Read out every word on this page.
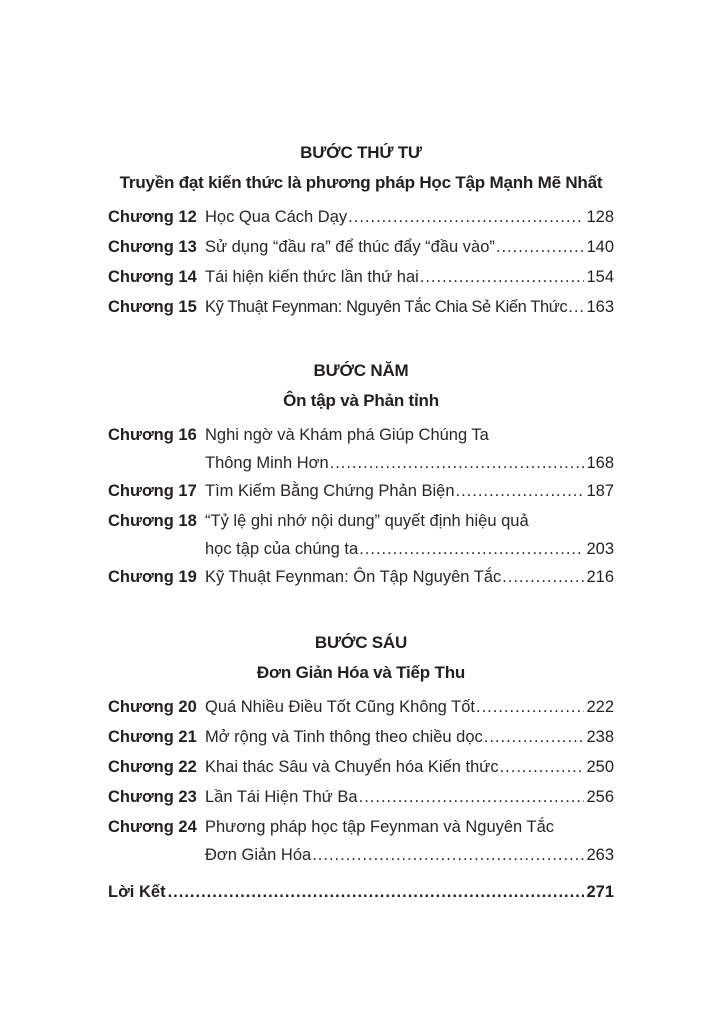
BƯỚC THỨ TƯ
Truyền đạt kiến thức là phương pháp Học Tập Mạnh Mẽ Nhất
Chương 12 Học Qua Cách Dạy .....	128
Chương 13 Sử dụng “đầu ra” để thúc đẩy “đầu vào” .....	140
Chương 14 Tái hiện kiến thức lần thứ hai .....	154
Chương 15 Kỹ Thuật Feynman: Nguyên Tắc Chia Sẻ Kiến Thức ..... 163
BƯỚC NĂM
Ôn tập và Phản tỉnh
Chương 16 Nghi ngờ và Khám phá Giúp Chúng Ta
Thông Minh Hơn .....	168
Chương 17 Tìm Kiếm Bằng Chứng Phản Biện .....	187
Chương 18 “Tỷ lệ ghi nhớ nội dung” quyết định hiệu quả
học tập của chúng ta .....	203
Chương 19 Kỹ Thuật Feynman: Ôn Tập Nguyên Tắc .....	216
BƯỚC SÁU
Đơn Giản Hóa và Tiếp Thu
Chương 20 Quá Nhiều Điều Tốt Cũng Không Tốt .....	222
Chương 21 Mở rộng và Tinh thông theo chiều dọc .....	238
Chương 22 Khai thác Sâu và Chuyển hóa Kiến thức .....	250
Chương 23 Lần Tái Hiện Thứ Ba .....	256
Chương 24 Phương pháp học tập Feynman và Nguyên Tắc
Đơn Giản Hóa .....	263
Lời Kết .....	271
